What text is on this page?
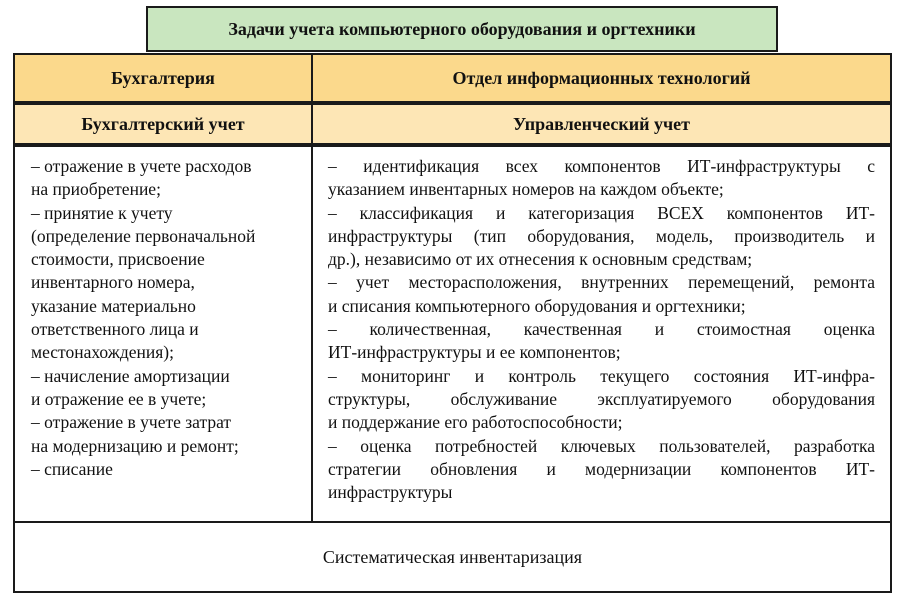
Задачи учета компьютерного оборудования и оргтехники
Бухгалтерия	Отдел информационных технологий
Бухгалтерский учет	Управленческий учет
– отражение в учете расходов
на приобретение;
– принятие к учету
(определение первоначальной
стоимости, присвоение
инвентарного номера,
указание материально
ответственного лица и
местонахождения);
– начисление амортизации
и отражение ее в учете;
– отражение в учете затрат
на модернизацию и ремонт;
– списание
– идентификация всех компонентов ИТ-инфраструктуры с
указанием инвентарных номеров на каждом объекте;
– классификация и категоризация ВСЕХ компонентов ИТ-
инфраструктуры (тип оборудования, модель, производитель и
др.), независимо от их отнесения к основным средствам;
– учет месторасположения, внутренних перемещений, ремонта
и списания компьютерного оборудования и оргтехники;
– количественная, качественная и стоимостная оценка
ИТ-инфраструктуры и ее компонентов;
– мониторинг и контроль текущего состояния ИТ-инфра-
структуры, обслуживание эксплуатируемого оборудования
и поддержание его работоспособности;
– оценка потребностей ключевых пользователей, разработка
стратегии обновления и модернизации компонентов ИТ-
инфраструктуры
Систематическая инвентаризация
